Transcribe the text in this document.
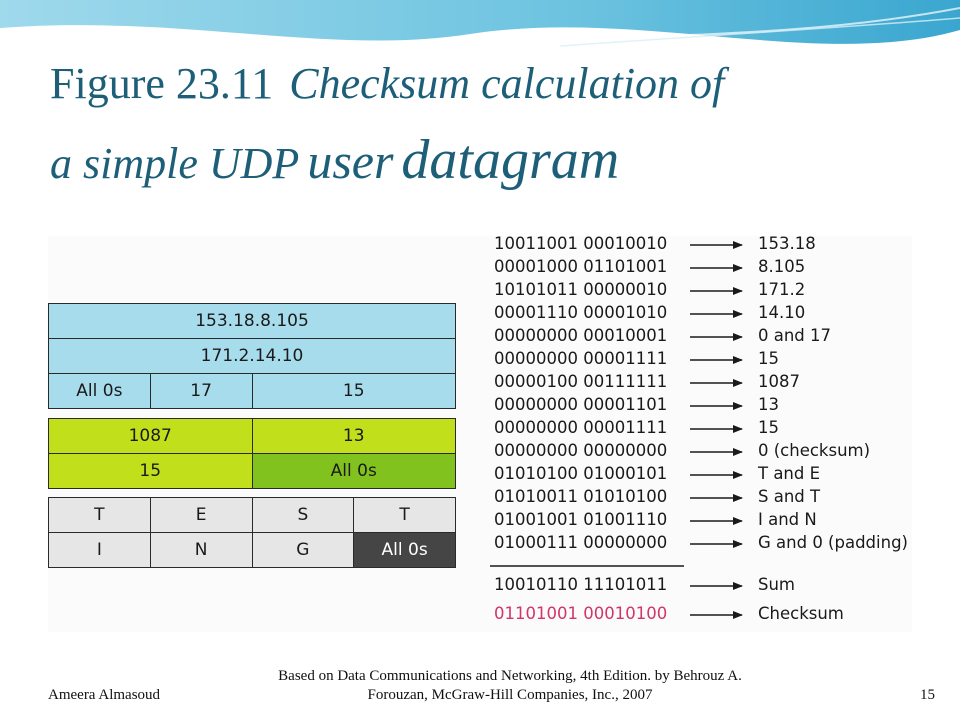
Figure 23.11 Checksum calculation of
a simple UDP user datagram
153.18.8.105
171.2.14.10
All 0s	17	15
1087	13
15	All 0s
T	E	S	T
I	N	G	All 0s
10011001 00010010	153.18
00001000 01101001	8.105
10101011 00000010	171.2
00001110 00001010	14.10
00000000 00010001	0 and 17
00000000 00001111	15
00000100 00111111	1087
00000000 00001101	13
00000000 00001111	15
00000000 00000000	0 (checksum)
01010100 01000101	T and E
01010011 01010100	S and T
01001001 01001110	I and N
01000111 00000000	G and 0 (padding)
10010110 11101011	Sum
01101001 00010100	Checksum
Ameera Almasoud
Based on Data Communications and Networking, 4th Edition. by Behrouz A.
Forouzan, McGraw-Hill Companies, Inc., 2007	15
